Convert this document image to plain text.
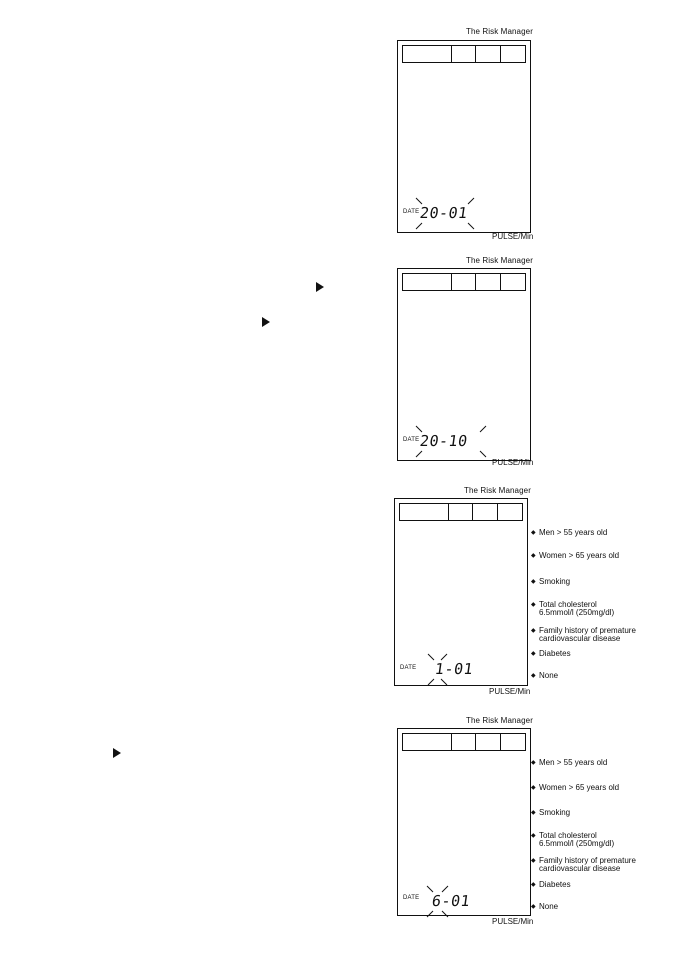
The Risk Manager
DATE 20-01
PULSE/Min
The Risk Manager
DATE 20-10
PULSE/Min
The Risk Manager
DATE 1-01
PULSE/Min
◆ Men > 55 years old
◆ Women > 65 years old
◆ Smoking
◆ Total cholesterol
6.5mmol/l (250mg/dl)
◆ Family history of premature
cardiovascular disease
◆ Diabetes
◆ None
The Risk Manager
DATE 6-01
PULSE/Min
◆ Men > 55 years old
◆ Women > 65 years old
◆ Smoking
◆ Total cholesterol
6.5mmol/l (250mg/dl)
◆ Family history of premature
cardiovascular disease
◆ Diabetes
◆ None
